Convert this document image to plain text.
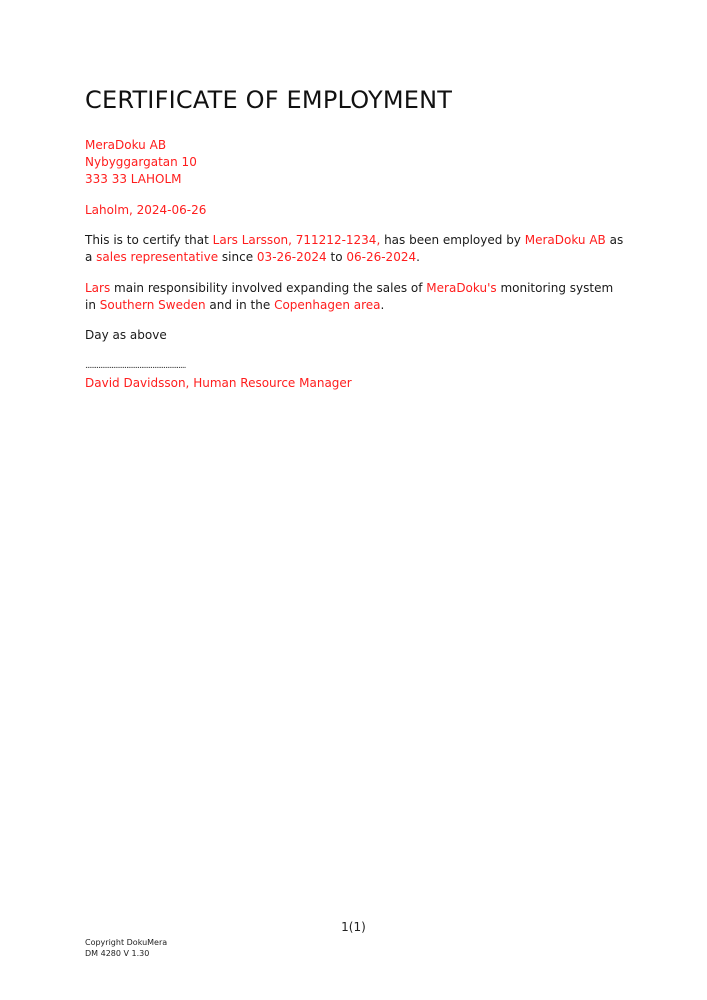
CERTIFICATE OF EMPLOYMENT
MeraDoku AB
Nybyggargatan 10
333 33 LAHOLM
Laholm, 2024-06-26
This is to certify that Lars Larsson, 711212-1234, has been employed by MeraDoku AB as a sales representative since 03-26-2024 to 06-26-2024.
Lars main responsibility involved expanding the sales of MeraDoku's monitoring system in Southern Sweden and in the Copenhagen area.
Day as above
......................................................
David Davidsson, Human Resource Manager
1(1)
Copyright DokuMera
DM 4280 V 1.30
